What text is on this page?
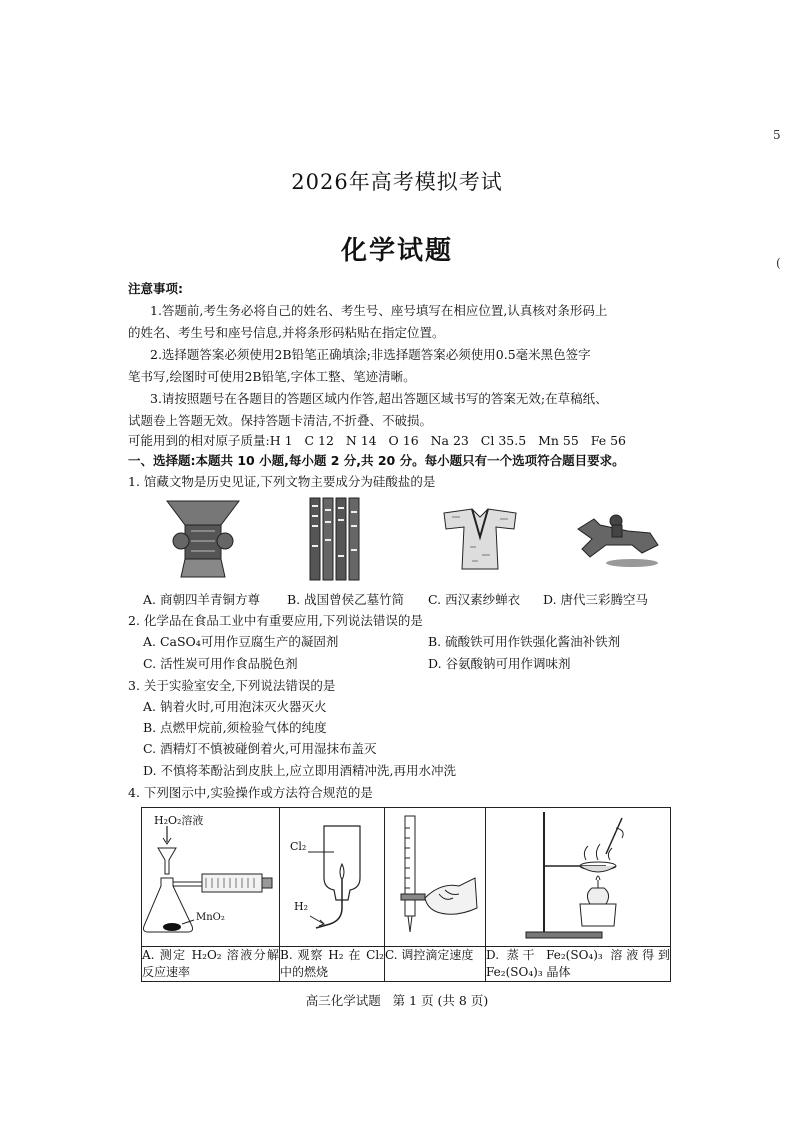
5
(
2026年高考模拟考试
化学试题
注意事项:
1.答题前,考生务必将自己的姓名、考生号、座号填写在相应位置,认真核对条形码上
的姓名、考生号和座号信息,并将条形码粘贴在指定位置。
2.选择题答案必须使用2B铅笔正确填涂;非选择题答案必须使用0.5毫米黑色签字
笔书写,绘图时可使用2B铅笔,字体工整、笔迹清晰。
3.请按照题号在各题目的答题区域内作答,超出答题区域书写的答案无效;在草稿纸、
试题卷上答题无效。保持答题卡清洁,不折叠、不破损。
可能用到的相对原子质量:H 1   C 12   N 14   O 16   Na 23   Cl 35.5   Mn 55   Fe 56
一、选择题:本题共 10 小题,每小题 2 分,共 20 分。每小题只有一个选项符合题目要求。
1. 馆藏文物是历史见证,下列文物主要成分为硅酸盐的是
A. 商朝四羊青铜方尊 B. 战国曾侯乙墓竹简 C. 西汉素纱蝉衣 D. 唐代三彩腾空马
2. 化学品在食品工业中有重要应用,下列说法错误的是
A. CaSO₄可用作豆腐生产的凝固剂	B. 硫酸铁可用作铁强化酱油补铁剂
C. 活性炭可用作食品脱色剂	D. 谷氨酸钠可用作调味剂
3. 关于实验室安全,下列说法错误的是
A. 钠着火时,可用泡沫灭火器灭火
B. 点燃甲烷前,须检验气体的纯度
C. 酒精灯不慎被碰倒着火,可用湿抹布盖灭
D. 不慎将苯酚沾到皮肤上,应立即用酒精冲洗,再用水冲洗
4. 下列图示中,实验操作或方法符合规范的是
H₂O₂溶液
MnO₂	Cl₂
H₂

A. 测定 H₂O₂ 溶液分解反应速率	B. 观察 H₂ 在 Cl₂ 中的燃烧	C. 调控滴定速度	D. 蒸干 Fe₂(SO₄)₃ 溶液得到 Fe₂(SO₄)₃ 晶体
高三化学试题   第 1 页 (共 8 页)
